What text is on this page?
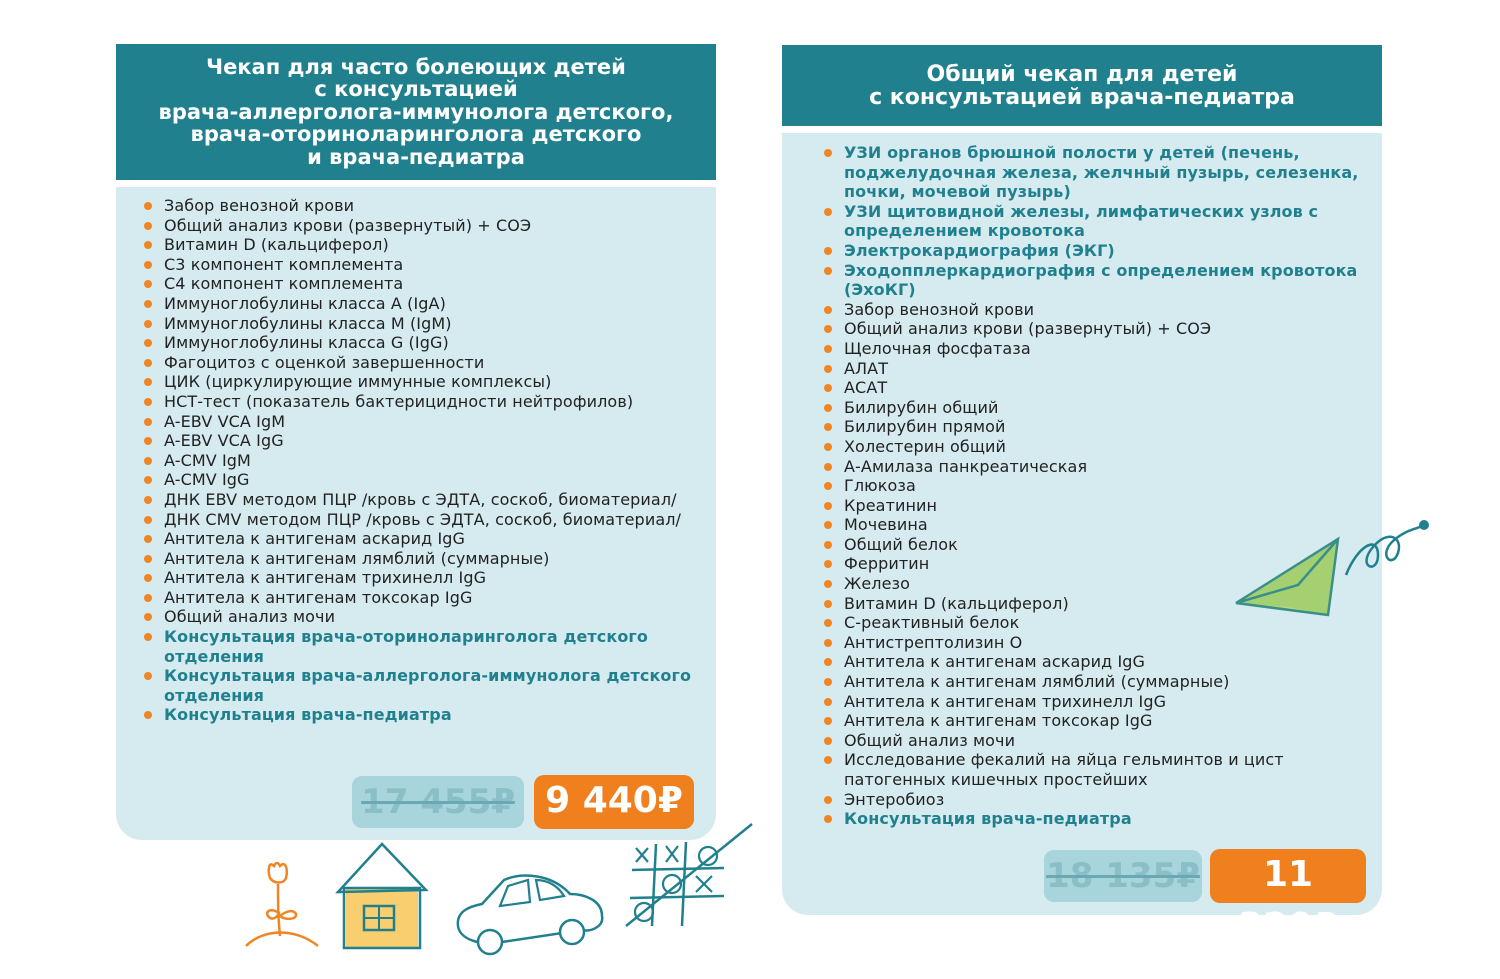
Чекап для часто болеющих детей
с консультацией
врача-аллерголога-иммунолога детского,
врача-оториноларинголога детского
и врача-педиатра
Забор венозной крови
Общий анализ крови (развернутый) + СОЭ
Витамин D (кальциферол)
С3 компонент комплемента
С4 компонент комплемента
Иммуноглобулины класса А (IgA)
Иммуноглобулины класса M (IgM)
Иммуноглобулины класса G (IgG)
Фагоцитоз с оценкой завершенности
ЦИК (циркулирующие иммунные комплексы)
НСТ-тест (показатель бактерицидности нейтрофилов)
A-EBV VCA IgM
A-EBV VCA IgG
A-CMV IgM
A-CMV IgG
ДНК EBV методом ПЦР /кровь с ЭДТА, соскоб, биоматериал/
ДНК CMV методом ПЦР /кровь с ЭДТА, соскоб, биоматериал/
Антитела к антигенам аскарид IgG
Антитела к антигенам лямблий (суммарные)
Антитела к антигенам трихинелл IgG
Антитела к антигенам токсокар IgG
Общий анализ мочи
Консультация врача-оториноларинголога детского отделения
Консультация врача-аллерголога-иммунолога детского отделения
Консультация врача-педиатра
17 455₽ 9 440₽
Общий чекап для детей
с консультацией врача-педиатра
УЗИ органов брюшной полости у детей (печень, поджелудочная железа, желчный пузырь, селезенка, почки, мочевой пузырь)
УЗИ щитовидной железы, лимфатических узлов с определением кровотока
Электрокардиография (ЭКГ)
Эходопплеркардиография с определением кровотока (ЭхоКГ)
Забор венозной крови
Общий анализ крови (развернутый) + СОЭ
Щелочная фосфатаза
АЛАТ
АСАТ
Билирубин общий
Билирубин прямой
Холестерин общий
А-Амилаза панкреатическая
Глюкоза
Креатинин
Мочевина
Общий белок
Ферритин
Железо
Витамин D (кальциферол)
С-реактивный белок
Антистрептолизин О
Антитела к антигенам аскарид IgG
Антитела к антигенам лямблий (суммарные)
Антитела к антигенам трихинелл IgG
Антитела к антигенам токсокар IgG
Общий анализ мочи
Исследование фекалий на яйца гельминтов и цист патогенных кишечных простейших
Энтеробиоз
Консультация врача-педиатра
18 135₽	11 320₽
